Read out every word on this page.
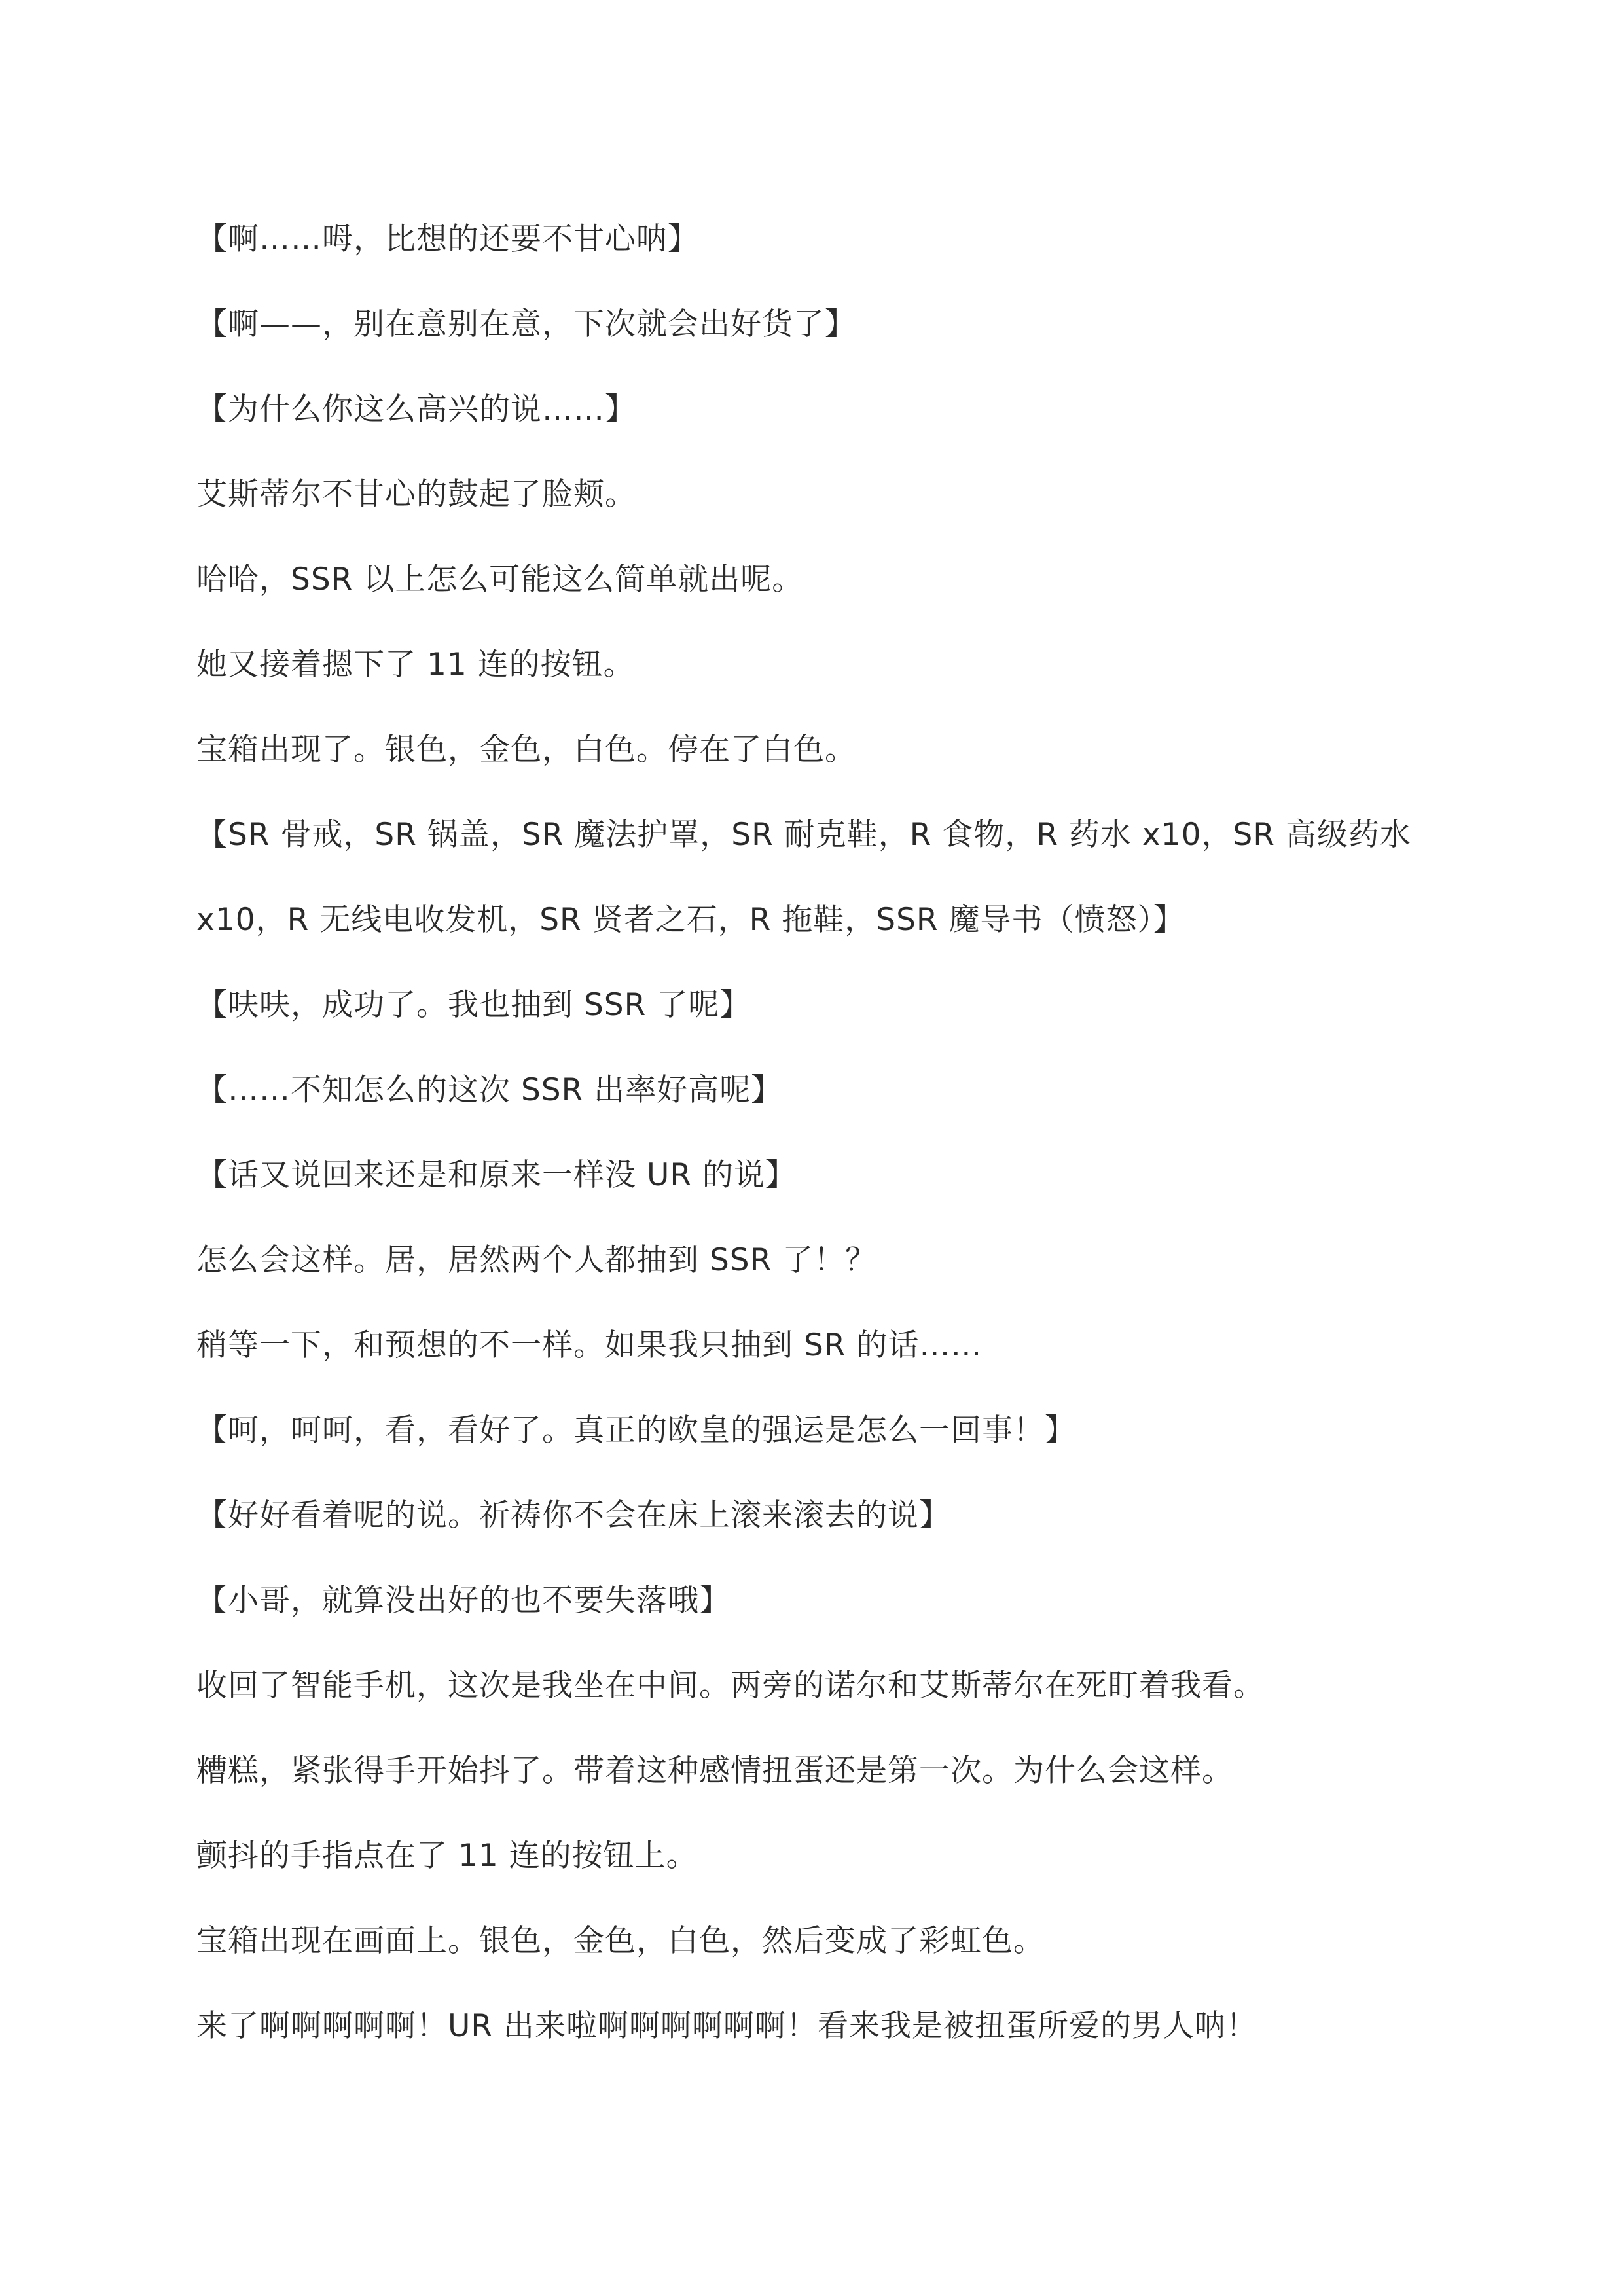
【啊……呣，比想的还要不甘心呐】

【啊——，别在意别在意，下次就会出好货了】

【为什么你这么高兴的说……】

艾斯蒂尔不甘心的鼓起了脸颊。

哈哈，SSR 以上怎么可能这么简单就出呢。

她又接着摁下了 11 连的按钮。

宝箱出现了。银色，金色，白色。停在了白色。

【SR 骨戒，SR 锅盖，SR 魔法护罩，SR 耐克鞋，R 食物，R 药水 x10，SR 高级药水

x10，R 无线电收发机，SR 贤者之石，R 拖鞋，SSR 魔导书（愤怒）】

【呋呋，成功了。我也抽到 SSR 了呢】

【……不知怎么的这次 SSR 出率好高呢】

【话又说回来还是和原来一样没 UR 的说】

怎么会这样。居，居然两个人都抽到 SSR 了！？

稍等一下，和预想的不一样。如果我只抽到 SR 的话……

【呵，呵呵，看，看好了。真正的欧皇的强运是怎么一回事！】

【好好看着呢的说。祈祷你不会在床上滚来滚去的说】

【小哥，就算没出好的也不要失落哦】

收回了智能手机，这次是我坐在中间。两旁的诺尔和艾斯蒂尔在死盯着我看。

糟糕，紧张得手开始抖了。带着这种感情扭蛋还是第一次。为什么会这样。

颤抖的手指点在了 11 连的按钮上。

宝箱出现在画面上。银色，金色，白色，然后变成了彩虹色。

来了啊啊啊啊啊！UR 出来啦啊啊啊啊啊啊！看来我是被扭蛋所爱的男人呐！
